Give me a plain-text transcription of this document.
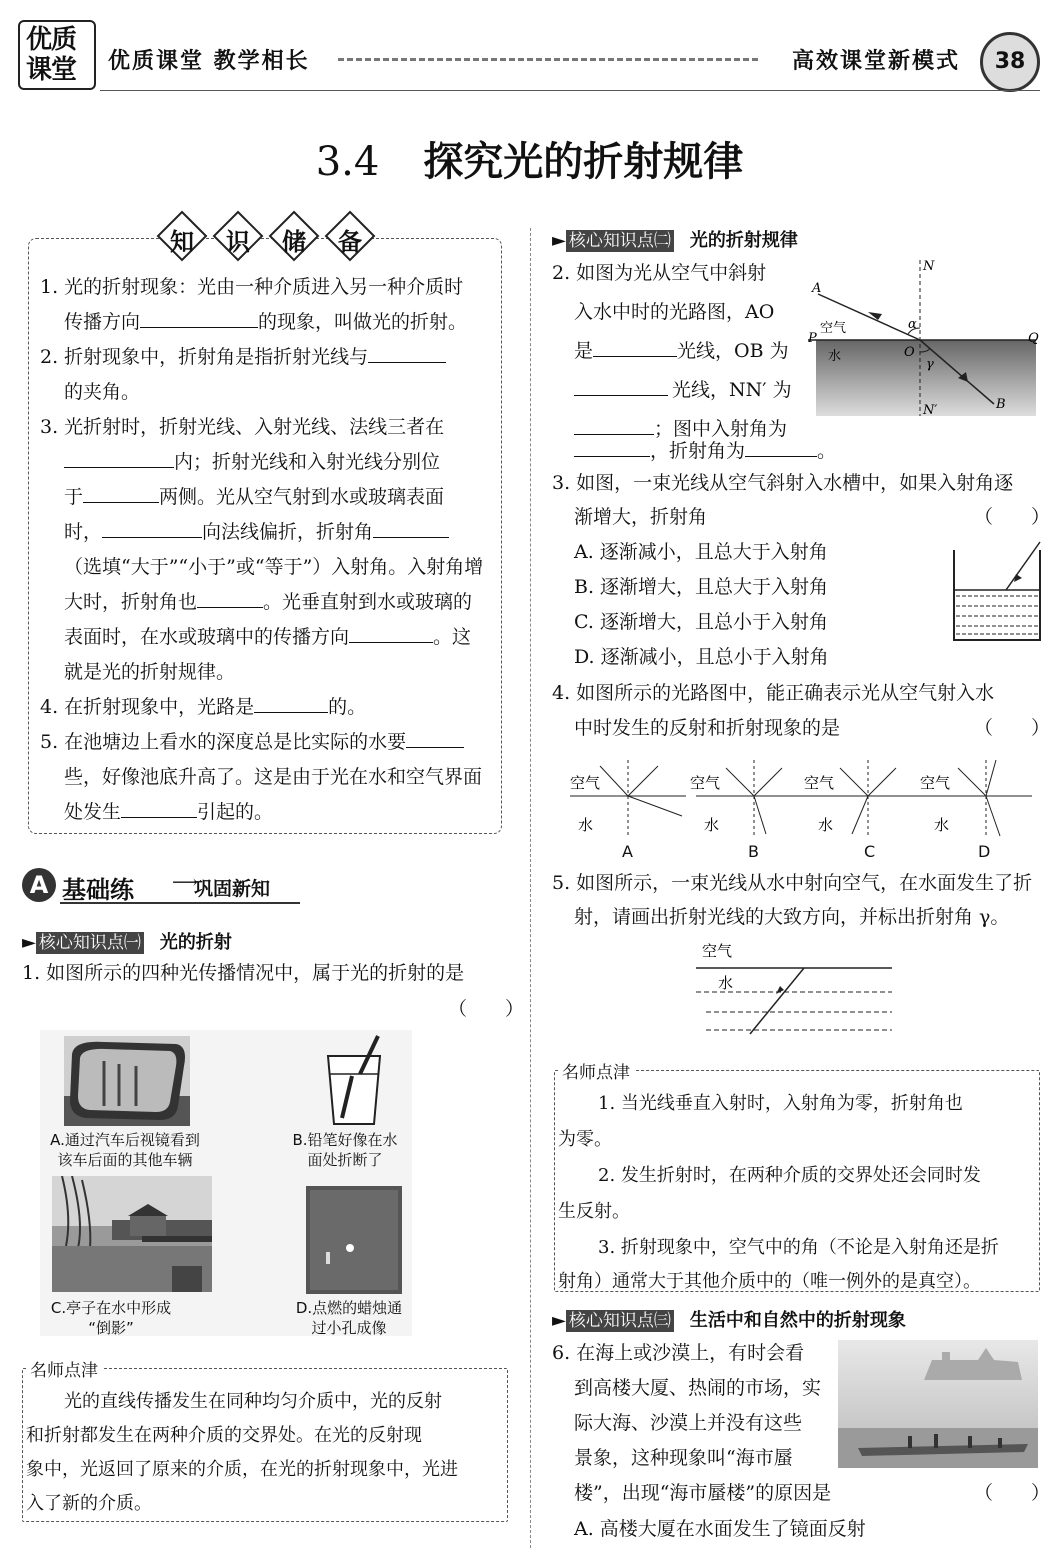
优质课堂	优质课堂 教学相长	高效课堂新模式	38
3.4 探究光的折射规律
知 识 储 备
1. 光的折射现象：光由一种介质进入另一种介质时
传播方向	的现象，叫做光的折射。
2. 折射现象中，折射角是指折射光线与
的夹角。
3. 光折射时，折射光线、入射光线、法线三者在
内；折射光线和入射光线分别位
于	两侧。光从空气射到水或玻璃表面
时，	向法线偏折，折射角
（选填“大于”“小于”或“等于”）入射角。入射角增
大时，折射角也	。光垂直射到水或玻璃的
表面时，在水或玻璃中的传播方向	。这
就是光的折射规律。
4. 在折射现象中，光路是	的。
5. 在池塘边上看水的深度总是比实际的水要
些，好像池底升高了。这是由于光在水和空气界面
处发生	引起的。
A 基础练 ⟶
巩固新知
► 核心知识点㈠ 光的折射
1. 如图所示的四种光传播情况中，属于光的折射的是
（　　）
A.通过汽车后视镜看到
该车后面的其他车辆
B.铅笔好像在水
面处折断了
C.亭子在水中形成
“倒影”
D.点燃的蜡烛通
过小孔成像
名师点津
光的直线传播发生在同种均匀介质中，光的反射
和折射都发生在两种介质的交界处。在光的反射现
象中，光返回了原来的介质，在光的折射现象中，光进
入了新的介质。
► 核心知识点㈡ 光的折射规律
2. 如图为光从空气中斜射
入水中时的光路图，AO
是	光线，OB 为
光线，NN′ 为
；图中入射角为
，折射角为	。
N
N′
A
B
O
P	Q
α
γ
空气
水
3. 如图，一束光线从空气斜射入水槽中，如果入射角逐
渐增大，折射角	（　　）
A. 逐渐减小，且总大于入射角
B. 逐渐增大，且总大于入射角
C. 逐渐增大，且总小于入射角
D. 逐渐减小，且总小于入射角
4. 如图所示的光路图中，能正确表示光从空气射入水
中时发生的反射和折射现象的是	（　　）
空气
水
空气
水
空气
水
空气
水
A	B	C	D
5. 如图所示，一束光线从水中射向空气，在水面发生了折
射，请画出折射光线的大致方向，并标出折射角 γ。
空气
水
名师点津
1. 当光线垂直入射时，入射角为零，折射角也
为零。
2. 发生折射时，在两种介质的交界处还会同时发
生反射。
3. 折射现象中，空气中的角（不论是入射角还是折
射角）通常大于其他介质中的（唯一例外的是真空）。
► 核心知识点㈢ 生活中和自然中的折射现象
6. 在海上或沙漠上，有时会看
到高楼大厦、热闹的市场，实
际大海、沙漠上并没有这些
景象，这种现象叫“海市蜃
楼”，出现“海市蜃楼”的原因是	（　　）
A. 高楼大厦在水面发生了镜面反射
